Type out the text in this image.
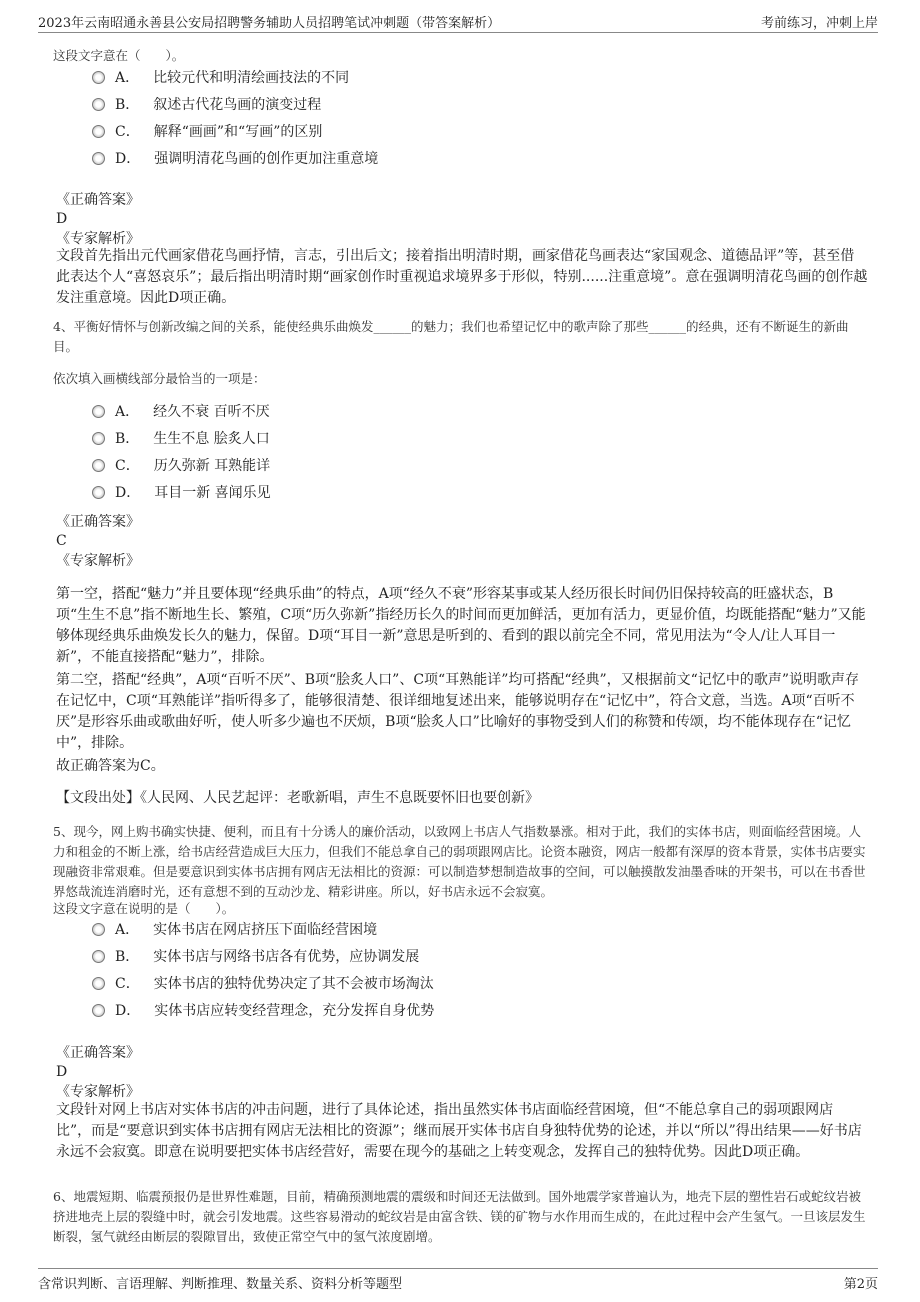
2023年云南昭通永善县公安局招聘警务辅助人员招聘笔试冲刺题（带答案解析）	考前练习，冲刺上岸
这段文字意在（　　）。
A． 比较元代和明清绘画技法的不同
B． 叙述古代花鸟画的演变过程
C． 解释“画画”和“写画”的区别
D． 强调明清花鸟画的创作更加注重意境
《正确答案》
D
《专家解析》
文段首先指出元代画家借花鸟画抒情，言志，引出后文；接着指出明清时期，画家借花鸟画表达“家国观念、道德品评”等，甚至借此表达个人“喜怒哀乐”；最后指出明清时期“画家创作时重视追求境界多于形似，特别......注重意境”。意在强调明清花鸟画的创作越发注重意境。因此D项正确。
4、平衡好情怀与创新改编之间的关系，能使经典乐曲焕发______的魅力；我们也希望记忆中的歌声除了那些______的经典，还有不断诞生的新曲目。
依次填入画横线部分最恰当的一项是：
A． 经久不衰 百听不厌
B． 生生不息 脍炙人口
C． 历久弥新 耳熟能详
D． 耳目一新 喜闻乐见
《正确答案》
C
《专家解析》
第一空，搭配“魅力”并且要体现“经典乐曲”的特点，A项“经久不衰”形容某事或某人经历很长时间仍旧保持较高的旺盛状态，B项“生生不息”指不断地生长、繁殖，C项“历久弥新”指经历长久的时间而更加鲜活，更加有活力，更显价值，均既能搭配“魅力”又能够体现经典乐曲焕发长久的魅力，保留。D项“耳目一新”意思是听到的、看到的跟以前完全不同，常见用法为“令人/让人耳目一新”，不能直接搭配“魅力”，排除。
第二空，搭配“经典”，A项“百听不厌”、B项“脍炙人口”、C项“耳熟能详”均可搭配“经典”，又根据前文“记忆中的歌声”说明歌声存在记忆中，C项“耳熟能详”指听得多了，能够很清楚、很详细地复述出来，能够说明存在“记忆中”，符合文意，当选。A项“百听不厌”是形容乐曲或歌曲好听，使人听多少遍也不厌烦，B项“脍炙人口”比喻好的事物受到人们的称赞和传颂，均不能体现存在“记忆中”，排除。
故正确答案为C。
【文段出处】《人民网、人民艺起评：老歌新唱，声生不息既要怀旧也要创新》
5、现今，网上购书确实快捷、便利，而且有十分诱人的廉价活动，以致网上书店人气指数暴涨。相对于此，我们的实体书店，则面临经营困境。人力和租金的不断上涨，给书店经营造成巨大压力，但我们不能总拿自己的弱项跟网店比。论资本融资，网店一般都有深厚的资本背景，实体书店要实现融资非常艰难。但是要意识到实体书店拥有网店无法相比的资源：可以制造梦想制造故事的空间，可以触摸散发油墨香味的开架书，可以在书香世界悠哉流连消磨时光，还有意想不到的互动沙龙、精彩讲座。所以，好书店永远不会寂寞。
这段文字意在说明的是（　　）。
A． 实体书店在网店挤压下面临经营困境
B． 实体书店与网络书店各有优势，应协调发展
C． 实体书店的独特优势决定了其不会被市场淘汰
D． 实体书店应转变经营理念，充分发挥自身优势
《正确答案》
D
《专家解析》
文段针对网上书店对实体书店的冲击问题，进行了具体论述，指出虽然实体书店面临经营困境，但“不能总拿自己的弱项跟网店比”，而是“要意识到实体书店拥有网店无法相比的资源”；继而展开实体书店自身独特优势的论述，并以“所以”得出结果——好书店永远不会寂寞。即意在说明要把实体书店经营好，需要在现今的基础之上转变观念，发挥自己的独特优势。因此D项正确。
6、地震短期、临震预报仍是世界性难题，目前，精确预测地震的震级和时间还无法做到。国外地震学家普遍认为，地壳下层的塑性岩石或蛇纹岩被挤进地壳上层的裂缝中时，就会引发地震。这些容易滑动的蛇纹岩是由富含铁、镁的矿物与水作用而生成的，在此过程中会产生氢气。一旦该层发生断裂，氢气就经由断层的裂隙冒出，致使正常空气中的氢气浓度剧增。
含常识判断、言语理解、判断推理、数量关系、资料分析等题型	第2页
